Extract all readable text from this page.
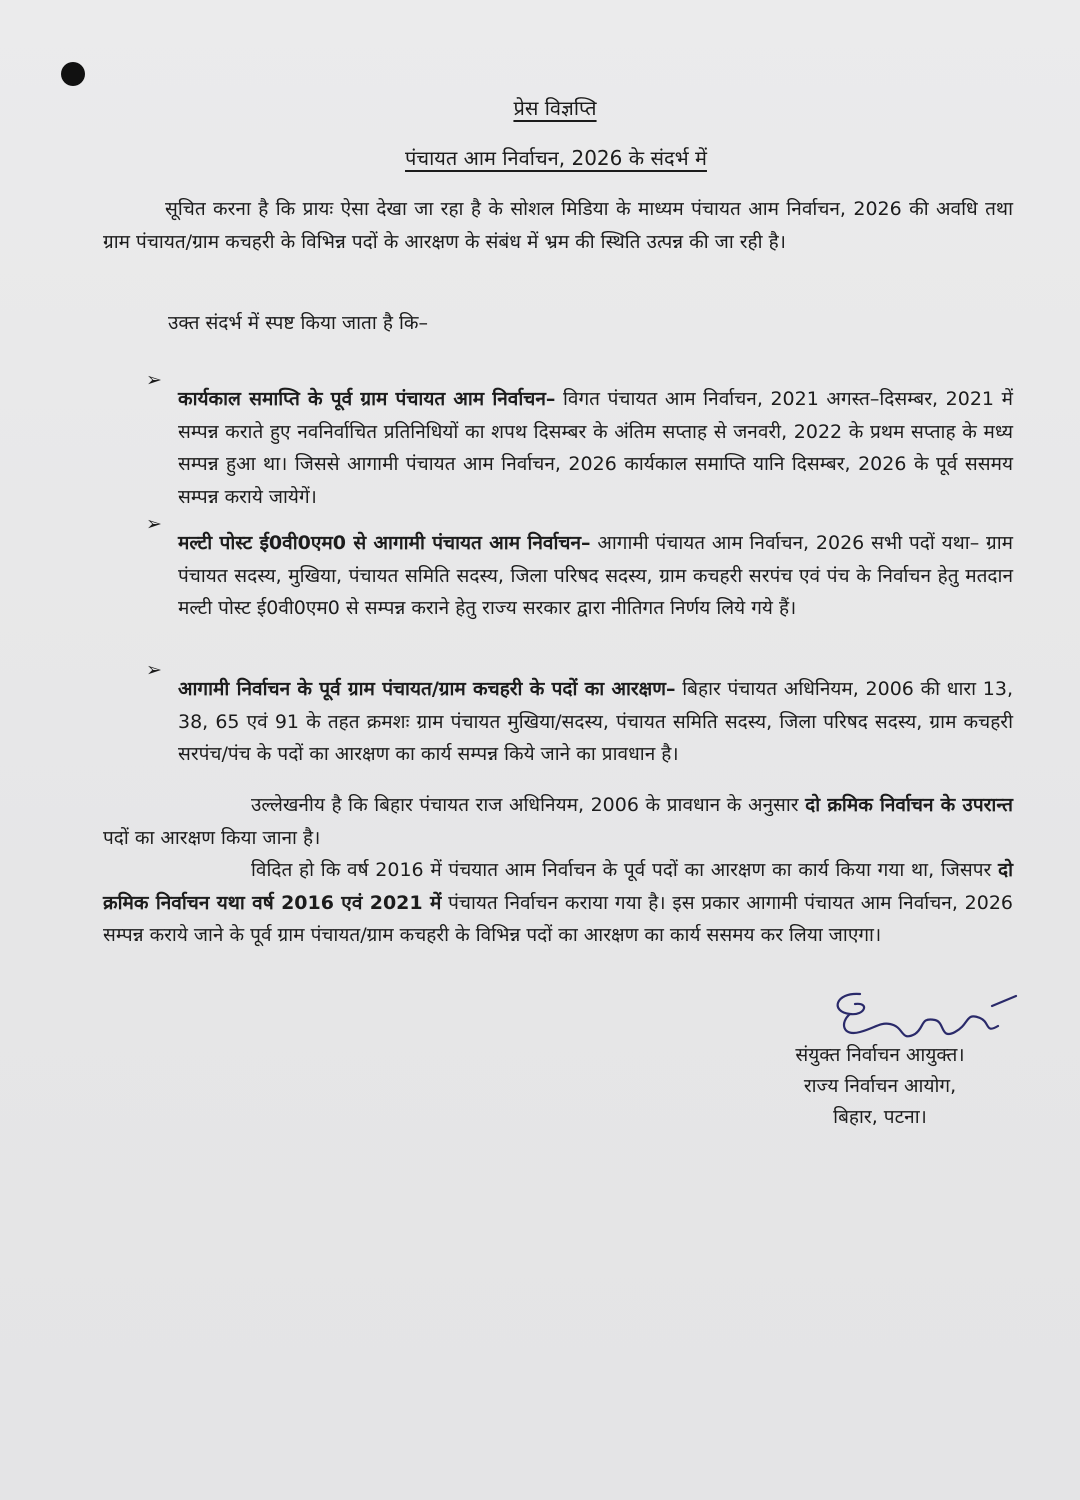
प्रेस विज्ञप्ति
पंचायत आम निर्वाचन, 2026 के संदर्भ में

सूचित करना है कि प्रायः ऐसा देखा जा रहा है के सोशल मिडिया के माध्यम पंचायत आम निर्वाचन, 2026 की अवधि तथा ग्राम पंचायत/ग्राम कचहरी के विभिन्न पदों के आरक्षण के संबंध में भ्रम की स्थिति उत्पन्न की जा रही है।

उक्त संदर्भ में स्पष्ट किया जाता है कि–

➢

कार्यकाल समाप्ति के पूर्व ग्राम पंचायत आम निर्वाचन– विगत पंचायत आम निर्वाचन, 2021 अगस्त–दिसम्बर, 2021 में सम्पन्न कराते हुए नवनिर्वाचित प्रतिनिधियों का शपथ दिसम्बर के अंतिम सप्ताह से जनवरी, 2022 के प्रथम सप्ताह के मध्य सम्पन्न हुआ था। जिससे आगामी पंचायत आम निर्वाचन, 2026 कार्यकाल समाप्ति यानि दिसम्बर, 2026 के पूर्व ससमय सम्पन्न कराये जायेगें।

➢

मल्टी पोस्ट ई0वी0एम0 से आगामी पंचायत आम निर्वाचन– आगामी पंचायत आम निर्वाचन, 2026 सभी पदों यथा– ग्राम पंचायत सदस्य, मुखिया, पंचायत समिति सदस्य, जिला परिषद सदस्य, ग्राम कचहरी सरपंच एवं पंच के निर्वाचन हेतु मतदान मल्टी पोस्ट ई0वी0एम0 से सम्पन्न कराने हेतु राज्य सरकार द्वारा नीतिगत निर्णय लिये गये हैं।

➢

आगामी निर्वाचन के पूर्व ग्राम पंचायत/ग्राम कचहरी के पदों का आरक्षण– बिहार पंचायत अधिनियम, 2006 की धारा 13, 38, 65 एवं 91 के तहत क्रमशः ग्राम पंचायत मुखिया/सदस्य, पंचायत समिति सदस्य, जिला परिषद सदस्य, ग्राम कचहरी सरपंच/पंच के पदों का आरक्षण का कार्य सम्पन्न किये जाने का प्रावधान है।

उल्लेखनीय है कि बिहार पंचायत राज अधिनियम, 2006 के प्रावधान के अनुसार दो क्रमिक निर्वाचन के उपरान्त पदों का आरक्षण किया जाना है।

विदित हो कि वर्ष 2016 में पंचयात आम निर्वाचन के पूर्व पदों का आरक्षण का कार्य किया गया था, जिसपर दो क्रमिक निर्वाचन यथा वर्ष 2016 एवं 2021 में पंचायत निर्वाचन कराया गया है। इस प्रकार आगामी पंचायत आम निर्वाचन, 2026 सम्पन्न कराये जाने के पूर्व ग्राम पंचायत/ग्राम कचहरी के विभिन्न पदों का आरक्षण का कार्य ससमय कर लिया जाएगा।

संयुक्त निर्वाचन आयुक्त।
राज्य निर्वाचन आयोग,
बिहार, पटना।
